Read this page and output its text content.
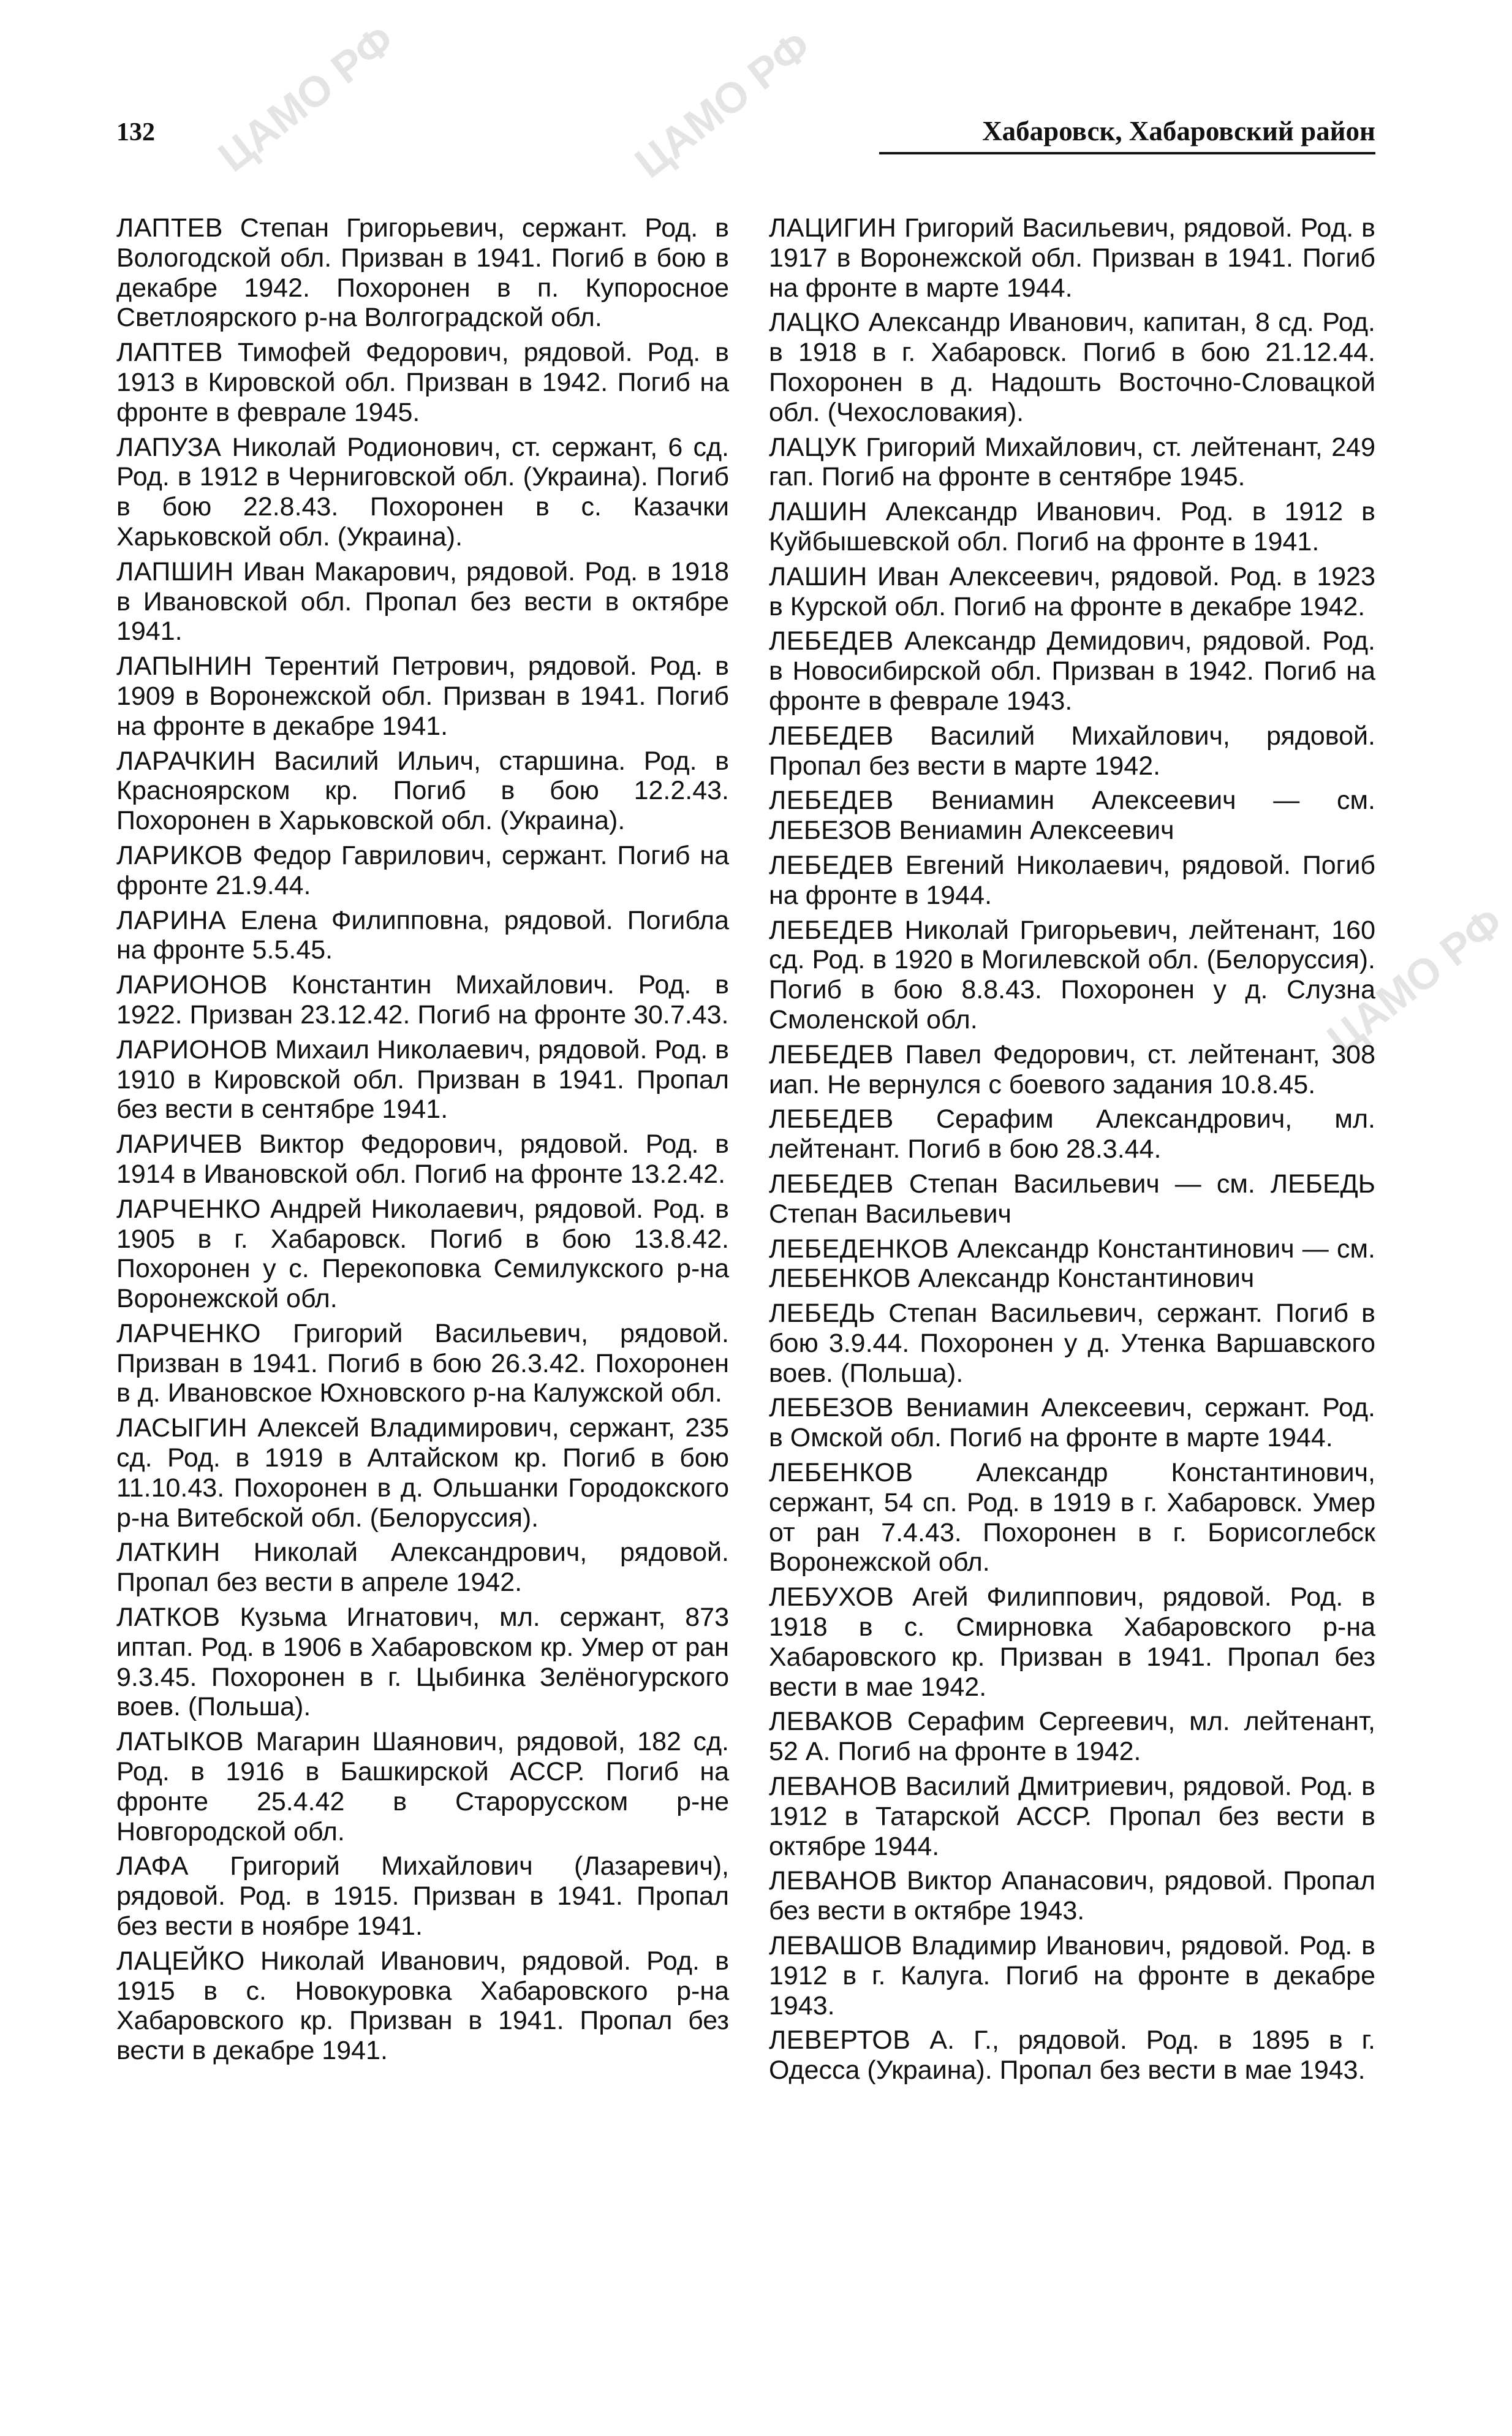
ЦАМО РФ	ЦАМО РФ
ЦАМО РФ
132	Хабаровск, Хабаровский район

ЛАПТЕВ Степан Григорьевич, сержант. Род. в Вологодской обл. Призван в 1941. Погиб в бою в декабре 1942. Похоронен в п. Купоросное Светлоярского р-на Волгоградской обл.

ЛАПТЕВ Тимофей Федорович, рядовой. Род. в 1913 в Кировской обл. Призван в 1942. Погиб на фронте в феврале 1945.

ЛАПУЗА Николай Родионович, ст. сержант, 6 сд. Род. в 1912 в Черниговской обл. (Украина). Погиб в бою 22.8.43. Похоронен в с. Казачки Харьковской обл. (Украина).

ЛАПШИН Иван Макарович, рядовой. Род. в 1918 в Ивановской обл. Пропал без вести в октябре 1941.

ЛАПЫНИН Терентий Петрович, рядовой. Род. в 1909 в Воронежской обл. Призван в 1941. Погиб на фронте в декабре 1941.

ЛАРАЧКИН Василий Ильич, старшина. Род. в Красноярском кр. Погиб в бою 12.2.43. Похоронен в Харьковской обл. (Украина).

ЛАРИКОВ Федор Гаврилович, сержант. Погиб на фронте 21.9.44.

ЛАРИНА Елена Филипповна, рядовой. Погибла на фронте 5.5.45.

ЛАРИОНОВ Константин Михайлович. Род. в 1922. Призван 23.12.42. Погиб на фронте 30.7.43.

ЛАРИОНОВ Михаил Николаевич, рядовой. Род. в 1910 в Кировской обл. Призван в 1941. Пропал без вести в сентябре 1941.

ЛАРИЧЕВ Виктор Федорович, рядовой. Род. в 1914 в Ивановской обл. Погиб на фронте 13.2.42.

ЛАРЧЕНКО Андрей Николаевич, рядовой. Род. в 1905 в г. Хабаровск. Погиб в бою 13.8.42. Похоронен у с. Перекоповка Семилукского р-на Воронежской обл.

ЛАРЧЕНКО Григорий Васильевич, рядовой. Призван в 1941. Погиб в бою 26.3.42. Похоронен в д. Ивановское Юхновского р-на Калужской обл.

ЛАСЫГИН Алексей Владимирович, сержант, 235 сд. Род. в 1919 в Алтайском кр. Погиб в бою 11.10.43. Похоронен в д. Ольшанки Городокского р-на Витебской обл. (Белоруссия).

ЛАТКИН Николай Александрович, рядовой. Пропал без вести в апреле 1942.

ЛАТКОВ Кузьма Игнатович, мл. сержант, 873 иптап. Род. в 1906 в Хабаровском кр. Умер от ран 9.3.45. Похоронен в г. Цыбинка Зелёногурского воев. (Польша).

ЛАТЫКОВ Магарин Шаянович, рядовой, 182 сд. Род. в 1916 в Башкирской АССР. Погиб на фронте 25.4.42 в Старорусском р-не Новгородской обл.

ЛАФА Григорий Михайлович (Лазаревич), рядовой. Род. в 1915. Призван в 1941. Пропал без вести в ноябре 1941.

ЛАЦЕЙКО Николай Иванович, рядовой. Род. в 1915 в с. Новокуровка Хабаровского р-на Хабаровского кр. Призван в 1941. Пропал без вести в декабре 1941.

ЛАЦИГИН Григорий Васильевич, рядовой. Род. в 1917 в Воронежской обл. Призван в 1941. Погиб на фронте в марте 1944.

ЛАЦКО Александр Иванович, капитан, 8 сд. Род. в 1918 в г. Хабаровск. Погиб в бою 21.12.44. Похоронен в д. Надошть Восточно-Словацкой обл. (Чехословакия).

ЛАЦУК Григорий Михайлович, ст. лейтенант, 249 гап. Погиб на фронте в сентябре 1945.

ЛАШИН Александр Иванович. Род. в 1912 в Куйбышевской обл. Погиб на фронте в 1941.

ЛАШИН Иван Алексеевич, рядовой. Род. в 1923 в Курской обл. Погиб на фронте в декабре 1942.

ЛЕБЕДЕВ Александр Демидович, рядовой. Род. в Новосибирской обл. Призван в 1942. Погиб на фронте в феврале 1943.

ЛЕБЕДЕВ Василий Михайлович, рядовой. Пропал без вести в марте 1942.

ЛЕБЕДЕВ Вениамин Алексеевич — см. ЛЕБЕЗОВ Вениамин Алексеевич

ЛЕБЕДЕВ Евгений Николаевич, рядовой. Погиб на фронте в 1944.

ЛЕБЕДЕВ Николай Григорьевич, лейтенант, 160 сд. Род. в 1920 в Могилевской обл. (Белоруссия). Погиб в бою 8.8.43. Похоронен у д. Слузна Смоленской обл.

ЛЕБЕДЕВ Павел Федорович, ст. лейтенант, 308 иап. Не вернулся с боевого задания 10.8.45.

ЛЕБЕДЕВ Серафим Александрович, мл. лейтенант. Погиб в бою 28.3.44.

ЛЕБЕДЕВ Степан Васильевич — см. ЛЕБЕДЬ Степан Васильевич

ЛЕБЕДЕНКОВ Александр Константинович — см. ЛЕБЕНКОВ Александр Константинович

ЛЕБЕДЬ Степан Васильевич, сержант. Погиб в бою 3.9.44. Похоронен у д. Утенка Варшавского воев. (Польша).

ЛЕБЕЗОВ Вениамин Алексеевич, сержант. Род. в Омской обл. Погиб на фронте в марте 1944.

ЛЕБЕНКОВ Александр Константинович, сержант, 54 сп. Род. в 1919 в г. Хабаровск. Умер от ран 7.4.43. Похоронен в г. Борисоглебск Воронежской обл.

ЛЕБУХОВ Агей Филиппович, рядовой. Род. в 1918 в с. Смирновка Хабаровского р-на Хабаровского кр. Призван в 1941. Пропал без вести в мае 1942.

ЛЕВАКОВ Серафим Сергеевич, мл. лейтенант, 52 А. Погиб на фронте в 1942.

ЛЕВАНОВ Василий Дмитриевич, рядовой. Род. в 1912 в Татарской АССР. Пропал без вести в октябре 1944.

ЛЕВАНОВ Виктор Апанасович, рядовой. Пропал без вести в октябре 1943.

ЛЕВАШОВ Владимир Иванович, рядовой. Род. в 1912 в г. Калуга. Погиб на фронте в декабре 1943.

ЛЕВЕРТОВ А. Г., рядовой. Род. в 1895 в г. Одесса (Украина). Пропал без вести в мае 1943.
